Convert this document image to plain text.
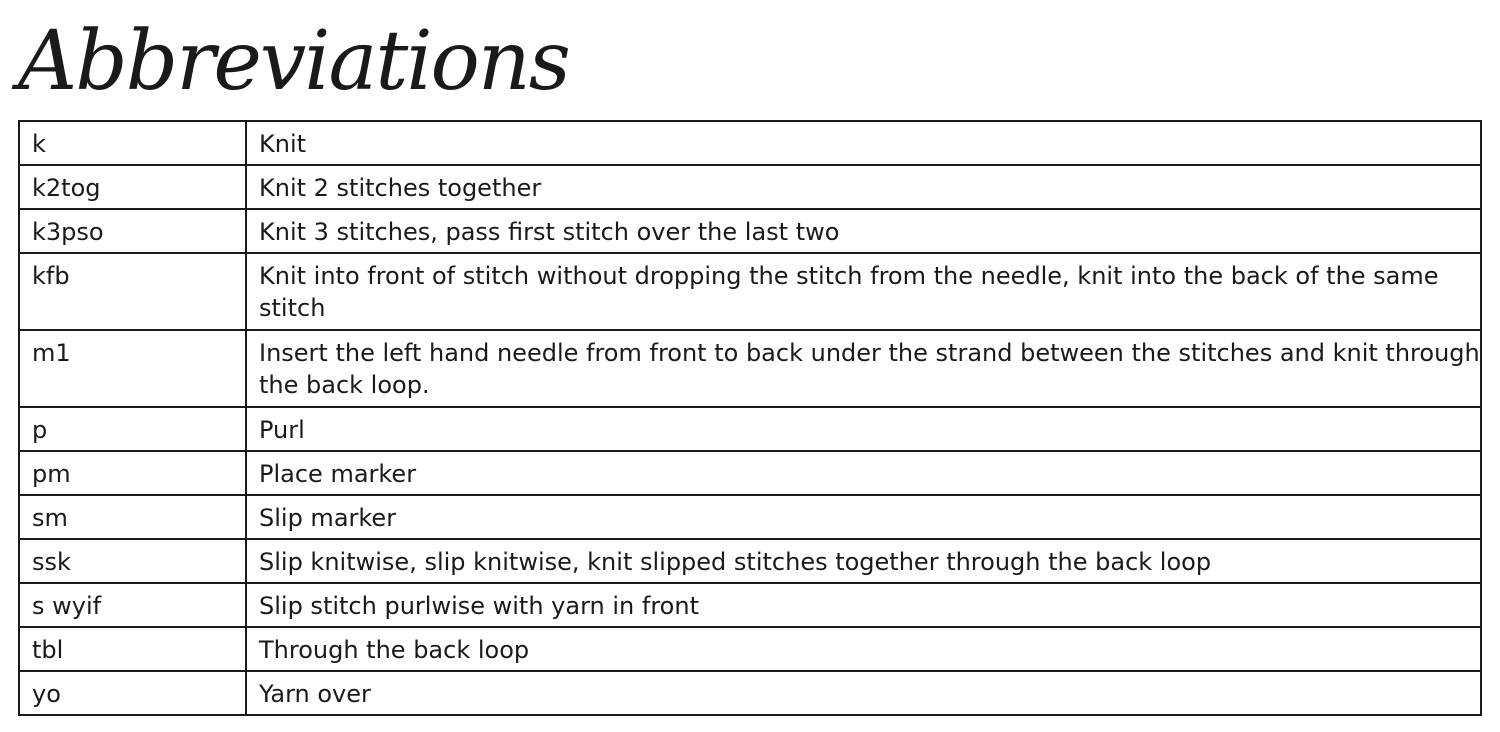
Abbreviations
k	Knit
k2tog	Knit 2 stitches together
k3pso	Knit 3 stitches, pass first stitch over the last two
kfb	Knit into front of stitch without dropping the stitch from the needle, knit into the back of the same stitch
m1	Insert the left hand needle from front to back under the strand between the stitches and knit through the back loop.
p	Purl
pm	Place marker
sm	Slip marker
ssk	Slip knitwise, slip knitwise, knit slipped stitches together through the back loop
s wyif	Slip stitch purlwise with yarn in front
tbl	Through the back loop
yo	Yarn over
